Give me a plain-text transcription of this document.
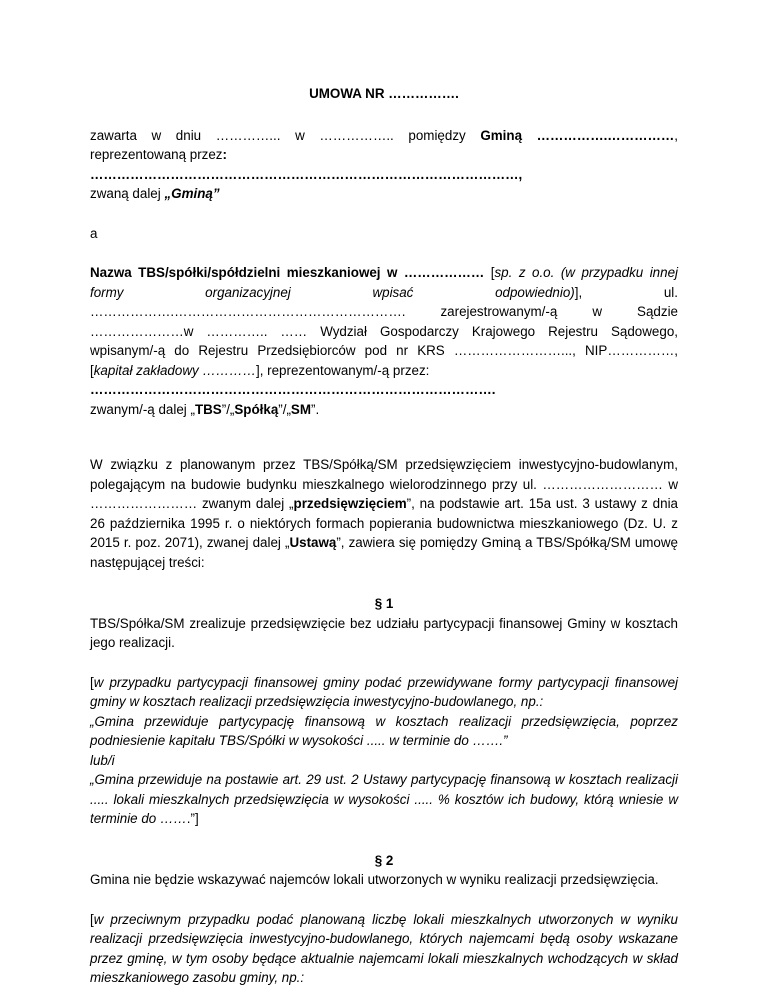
UMOWA NR …………….

zawarta w dniu …………... w …………….. pomiędzy Gminą …………….……………, reprezentowaną przez:
……………………………………………………………………………………,
zwaną dalej „Gminą”

a

Nazwa TBS/spółki/spółdzielni mieszkaniowej w ……………… [sp. z o.o. (w przypadku innej formy organizacyjnej wpisać odpowiednio)], ul. ……………….……………………………………………. zarejestrowanym/-ą w Sądzie …………………w ………….. …… Wydział Gospodarczy Krajowego Rejestru Sądowego, wpisanym/-ą do Rejestru Przedsiębiorców pod nr KRS ……………………..., NIP……………, [kapitał zakładowy …………], reprezentowanym/-ą przez:
……………………………………………………………………………….
zwanym/-ą dalej „TBS”/„Spółką”/„SM”.

W związku z planowanym przez TBS/Spółką/SM przedsięwzięciem inwestycyjno-budowlanym, polegającym na budowie budynku mieszkalnego wielorodzinnego przy ul. ……………………… w …………………… zwanym dalej „przedsięwzięciem”, na podstawie art. 15a ust. 3 ustawy z dnia 26 października 1995 r. o niektórych formach popierania budownictwa mieszkaniowego (Dz. U. z 2015 r. poz. 2071), zwanej dalej „Ustawą”, zawiera się pomiędzy Gminą a TBS/Spółką/SM umowę następującej treści:

§ 1

TBS/Spółka/SM zrealizuje przedsięwzięcie bez udziału partycypacji finansowej Gminy w kosztach jego realizacji.

[w przypadku partycypacji finansowej gminy podać przewidywane formy partycypacji finansowej gminy w kosztach realizacji przedsięwzięcia inwestycyjno-budowlanego, np.:
„Gmina przewiduje partycypację finansową w kosztach realizacji przedsięwzięcia, poprzez podniesienie kapitału TBS/Spółki w wysokości ..... w terminie do …….”
lub/i
„Gmina przewiduje na postawie art. 29 ust. 2 Ustawy partycypację finansową w kosztach realizacji ..... lokali mieszkalnych przedsięwzięcia w wysokości ..... % kosztów ich budowy, którą wniesie w terminie do …….”]

§ 2

Gmina nie będzie wskazywać najemców lokali utworzonych w wyniku realizacji przedsięwzięcia.

[w przeciwnym przypadku podać planowaną liczbę lokali mieszkalnych utworzonych w wyniku realizacji przedsięwzięcia inwestycyjno-budowlanego, których najemcami będą osoby wskazane przez gminę, w tym osoby będące aktualnie najemcami lokali mieszkalnych wchodzących w skład mieszkaniowego zasobu gminy, np.:
